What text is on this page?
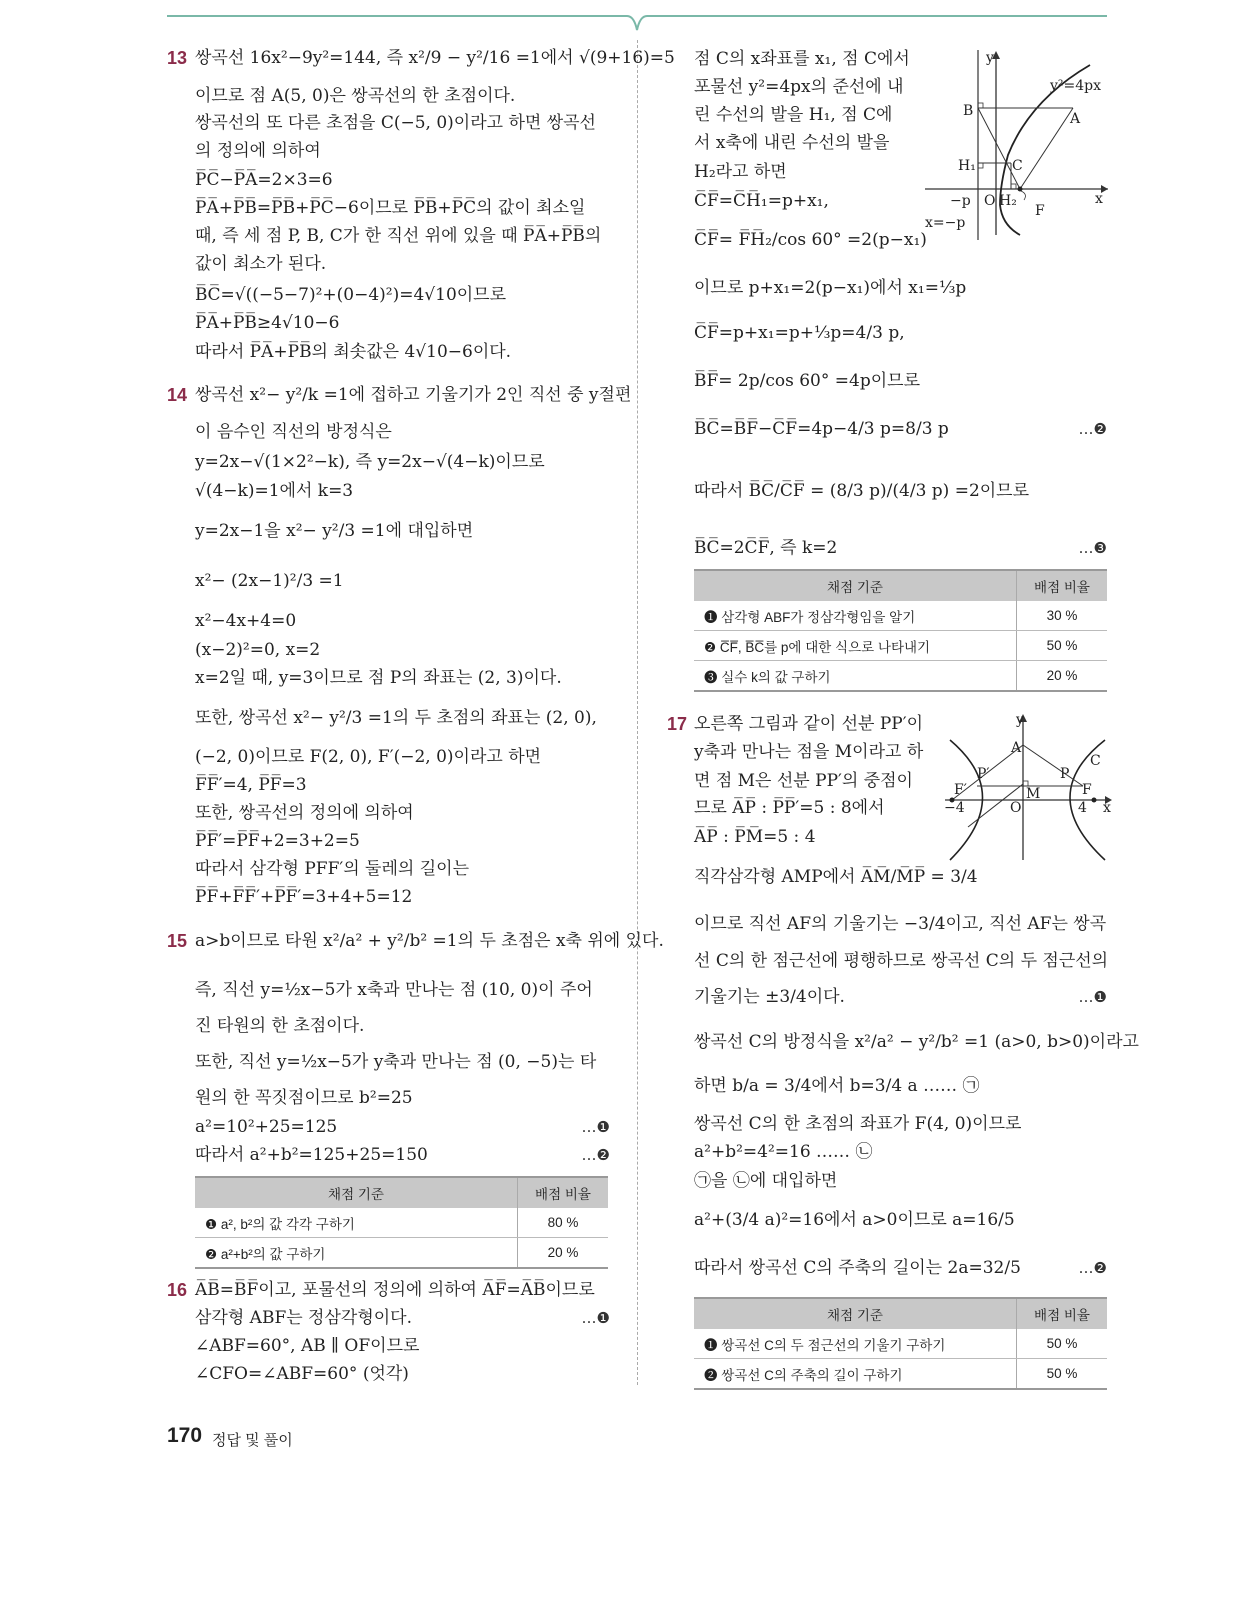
13 쌍곡선 16x²−9y²=144, 즉 x²/9 − y²/16 =1에서 √(9+16)=5
이므로 점 A(5, 0)은 쌍곡선의 한 초점이다.
쌍곡선의 또 다른 초점을 C(−5, 0)이라고 하면 쌍곡선
의 정의에 의하여
P̅C̅−P̅A̅=2×3=6
P̅A̅+P̅B̅=P̅B̅+P̅C̅−6이므로 P̅B̅+P̅C̅의 값이 최소일
때, 즉 세 점 P, B, C가 한 직선 위에 있을 때 P̅A̅+P̅B̅의
값이 최소가 된다.
B̅C̅=√((−5−7)²+(0−4)²)=4√10이므로
P̅A̅+P̅B̅≥4√10−6
따라서 P̅A̅+P̅B̅의 최솟값은 4√10−6이다.
14 쌍곡선 x²− y²/k =1에 접하고 기울기가 2인 직선 중 y절편
이 음수인 직선의 방정식은
y=2x−√(1×2²−k), 즉 y=2x−√(4−k)이므로
√(4−k)=1에서 k=3
y=2x−1을 x²− y²/3 =1에 대입하면
x²− (2x−1)²/3 =1
x²−4x+4=0
(x−2)²=0, x=2
x=2일 때, y=3이므로 점 P의 좌표는 (2, 3)이다.
또한, 쌍곡선 x²− y²/3 =1의 두 초점의 좌표는 (2, 0),
(−2, 0)이므로 F(2, 0), F′(−2, 0)이라고 하면
F̅F̅′=4, P̅F̅=3
또한, 쌍곡선의 정의에 의하여
P̅F̅′=P̅F̅+2=3+2=5
따라서 삼각형 PFF′의 둘레의 길이는
P̅F̅+F̅F̅′+P̅F̅′=3+4+5=12
15 a>b이므로 타원 x²/a² + y²/b² =1의 두 초점은 x축 위에 있다.
즉, 직선 y=½x−5가 x축과 만나는 점 (10, 0)이 주어
진 타원의 한 초점이다.
또한, 직선 y=½x−5가 y축과 만나는 점 (0, −5)는 타
원의 한 꼭짓점이므로 b²=25
a²=10²+25=125	…❶
따라서 a²+b²=125+25=150	…❷
16 A̅B̅=B̅F̅이고, 포물선의 정의에 의하여 A̅F̅=A̅B̅이므로
삼각형 ABF는 정삼각형이다.	…❶
∠ABF=60°, AB ∥ OF이므로
∠CFO=∠ABF=60° (엇각)
점 C의 x좌표를 x₁, 점 C에서
포물선 y²=4px의 준선에 내
린 수선의 발을 H₁, 점 C에
서 x축에 내린 수선의 발을
H₂라고 하면
C̅F̅=C̅H̅₁=p+x₁,
C̅F̅= F̅H̅₂/cos 60° =2(p−x₁)
이므로 p+x₁=2(p−x₁)에서 x₁=⅓p
C̅F̅=p+x₁=p+⅓p=4/3 p,
B̅F̅= 2p/cos 60° =4p이므로
B̅C̅=B̅F̅−C̅F̅=4p−4/3 p=8/3 p	…❷
따라서 B̅C̅/C̅F̅ = (8/3 p)/(4/3 p) =2이므로
B̅C̅=2C̅F̅, 즉 k=2	…❸
17 오른쪽 그림과 같이 선분 PP′이
y축과 만나는 점을 M이라고 하
면 점 M은 선분 PP′의 중점이
므로 A̅P̅ : P̅P̅′=5 : 8에서
A̅P̅ : P̅M̅=5 : 4
직각삼각형 AMP에서 A̅M̅/M̅P̅ = 3/4
이므로 직선 AF의 기울기는 −3/4이고, 직선 AF는 쌍곡
선 C의 한 점근선에 평행하므로 쌍곡선 C의 두 점근선의
기울기는 ±3/4이다.	…❶
쌍곡선 C의 방정식을 x²/a² − y²/b² =1 (a>0, b>0)이라고
하면 b/a = 3/4에서 b=3/4 a …… ㉠
쌍곡선 C의 한 초점의 좌표가 F(4, 0)이므로
a²+b²=4²=16 …… ㉡
㉠을 ㉡에 대입하면
a²+(3/4 a)²=16에서 a>0이므로 a=16/5
따라서 쌍곡선 C의 주축의 길이는 2a=32/5	…❷
채점 기준	배점 비율
❶ a², b²의 값 각각 구하기	80 %
❷ a²+b²의 값 구하기	20 %
채점 기준	배점 비율
❶ 삼각형 ABF가 정삼각형임을 알기	30 %
❷ C̅F̅, B̅C̅를 p에 대한 식으로 나타내기	50 %
❸ 실수 k의 값 구하기	20 %
채점 기준	배점 비율
❶ 쌍곡선 C의 두 점근선의 기울기 구하기	50 %
❷ 쌍곡선 C의 주축의 길이 구하기	50 %
y
x
B	A
H₁	C
−p O H₂
F
x=−p
y²=4px
y
x
A
P′	P
C
F′	F
M
−4	O	4
170 정답 및 풀이
